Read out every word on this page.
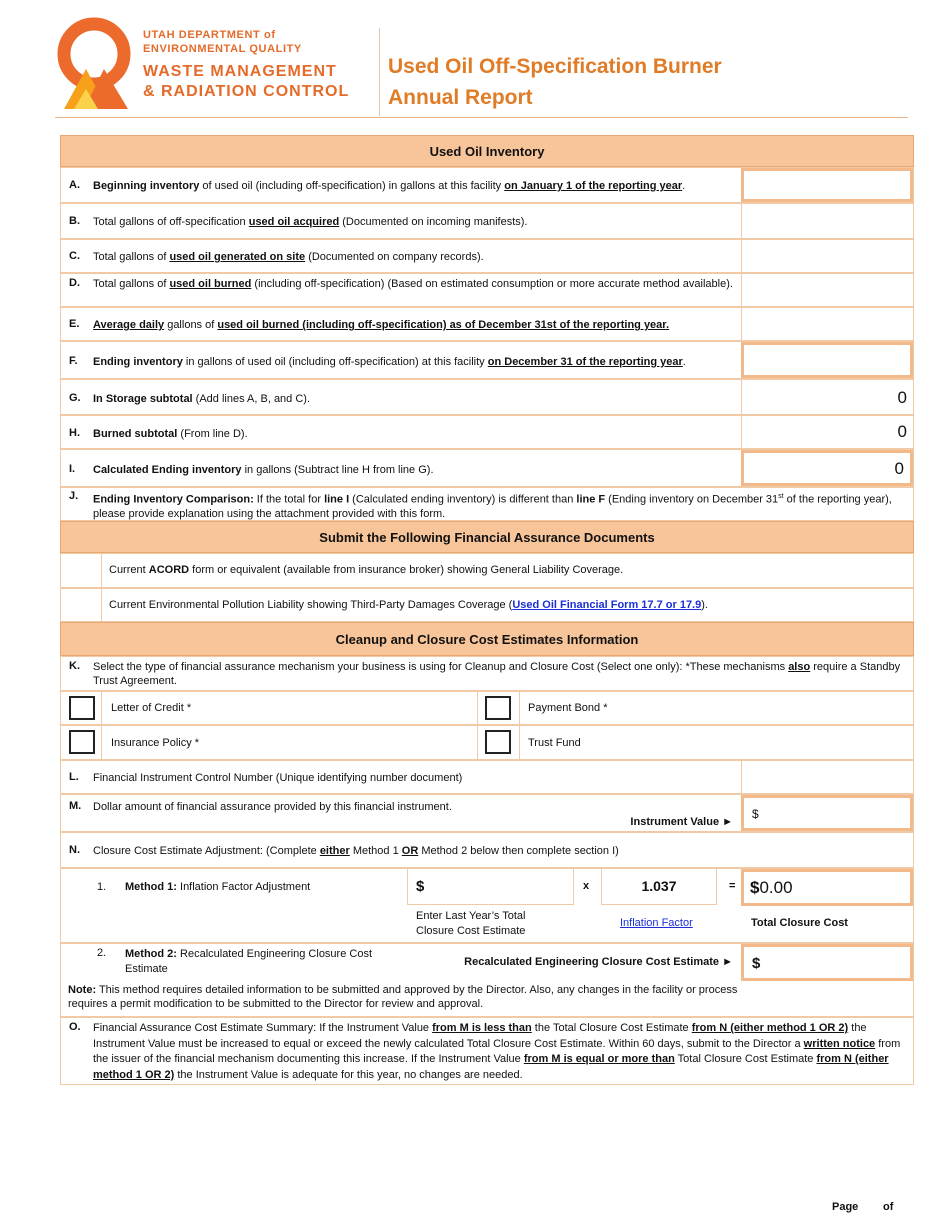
UTAH DEPARTMENT of
ENVIRONMENTAL QUALITY
WASTE MANAGEMENT
& RADIATION CONTROL
Used Oil Off-Specification Burner
Annual Report
Used Oil Inventory
A. Beginning inventory of used oil (including off-specification) in gallons at this facility on January 1 of the reporting year.
B. Total gallons of off-specification used oil acquired (Documented on incoming manifests).
C. Total gallons of used oil generated on site (Documented on company records).
D. Total gallons of used oil burned (including off-specification) (Based on estimated consumption or more accurate method available).
E. Average daily gallons of used oil burned (including off-specification) as of December 31st of the reporting year.
F. Ending inventory in gallons of used oil (including off-specification) at this facility on December 31 of the reporting year.
G. In Storage subtotal (Add lines A, B, and C).	0
H. Burned subtotal (From line D).	0
I. Calculated Ending inventory in gallons (Subtract line H from line G).	0
J. Ending Inventory Comparison: If the total for line I (Calculated ending inventory) is different than line F (Ending inventory on December 31st of the reporting year), please provide explanation using the attachment provided with this form.
Submit the Following Financial Assurance Documents
Current ACORD form or equivalent (available from insurance broker) showing General Liability Coverage.
Current Environmental Pollution Liability showing Third-Party Damages Coverage (Used Oil Financial Form 17.7 or 17.9).
Cleanup and Closure Cost Estimates Information
K. Select the type of financial assurance mechanism your business is using for Cleanup and Closure Cost (Select one only): *These mechanisms also require a Standby Trust Agreement.
Letter of Credit *	Payment Bond *
Insurance Policy *	Trust Fund
L. Financial Instrument Control Number (Unique identifying number document)
M. Dollar amount of financial assurance provided by this financial instrument.
Instrument Value ►
$
N. Closure Cost Estimate Adjustment: (Complete either Method 1 OR Method 2 below then complete section I)
1. Method 1: Inflation Factor Adjustment	$	x	1.037	= $0.00
Enter Last Year’s Total Closure Cost Estimate
Inflation Factor	Total Closure Cost
2. Method 2: Recalculated Engineering Closure Cost Estimate
Recalculated Engineering Closure Cost Estimate ► $
Note: This method requires detailed information to be submitted and approved by the Director. Also, any changes in the facility or process requires a permit modification to be submitted to the Director for review and approval.
O. Financial Assurance Cost Estimate Summary: If the Instrument Value from M is less than the Total Closure Cost Estimate from N (either method 1 OR 2) the Instrument Value must be increased to equal or exceed the newly calculated Total Closure Cost Estimate. Within 60 days, submit to the Director a written notice from the issuer of the financial mechanism documenting this increase. If the Instrument Value from M is equal or more than Total Closure Cost Estimate from N (either method 1 OR 2) the Instrument Value is adequate for this year, no changes are needed.
Page of
